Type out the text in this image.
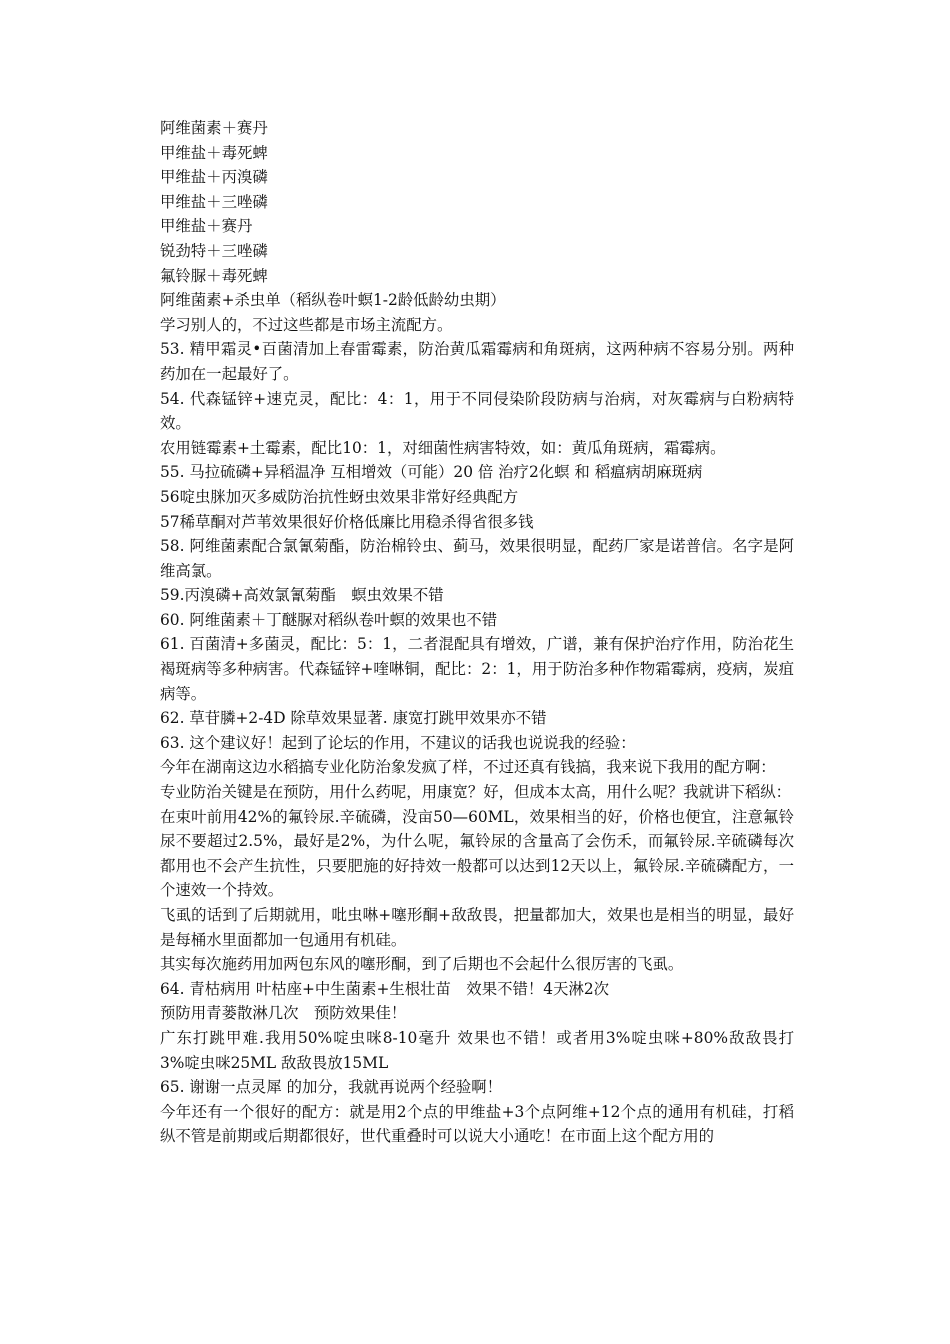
阿维菌素＋赛丹

甲维盐＋毒死蜱

甲维盐＋丙溴磷

甲维盐＋三唑磷

甲维盐＋赛丹

锐劲特＋三唑磷

氟铃脲＋毒死蜱

阿维菌素+杀虫单（稻纵卷叶螟1-2龄低龄幼虫期）

学习别人的，不过这些都是市场主流配方。

53. 精甲霜灵•百菌清加上春雷霉素，防治黄瓜霜霉病和角斑病，这两种病不容易分别。两种药加在一起最好了。

54. 代森锰锌+速克灵，配比：4：1，用于不同侵染阶段防病与治病，对灰霉病与白粉病特效。

农用链霉素+土霉素，配比10：1，对细菌性病害特效，如：黄瓜角斑病，霜霉病。

55. 马拉硫磷+异稻温净 互相增效（可能）20 倍 治疗2化螟 和 稻瘟病胡麻斑病

56啶虫脒加灭多威防治抗性蚜虫效果非常好经典配方

57稀草酮对芦苇效果很好价格低廉比用稳杀得省很多钱

58. 阿维菌素配合氯氰菊酯，防治棉铃虫、蓟马，效果很明显，配药厂家是诺普信。名字是阿维高氯。

59.丙溴磷+高效氯氰菊酯　螟虫效果不错

60. 阿维菌素＋丁醚脲对稻纵卷叶螟的效果也不错

61. 百菌清+多菌灵，配比：5：1，二者混配具有增效，广谱，兼有保护治疗作用，防治花生褐斑病等多种病害。代森锰锌+喹啉铜，配比：2：1，用于防治多种作物霜霉病，疫病，炭疽病等。

62. 草苷膦+2-4D 除草效果显著. 康宽打跳甲效果亦不错

63. 这个建议好！起到了论坛的作用，不建议的话我也说说我的经验：

今年在湖南这边水稻搞专业化防治象发疯了样，不过还真有钱搞，我来说下我用的配方啊：

专业防治关键是在预防，用什么药呢，用康宽？好，但成本太高，用什么呢？我就讲下稻纵：

在束叶前用42%的氟铃尿.辛硫磷，没亩50—60ML，效果相当的好，价格也便宜，注意氟铃尿不要超过2.5%，最好是2%，为什么呢，氟铃尿的含量高了会伤禾，而氟铃尿.辛硫磷每次都用也不会产生抗性，只要肥施的好持效一般都可以达到12天以上，氟铃尿.辛硫磷配方，一个速效一个持效。

飞虱的话到了后期就用，吡虫啉+噻形酮+敌敌畏，把量都加大，效果也是相当的明显，最好是每桶水里面都加一包通用有机硅。

其实每次施药用加两包东风的噻形酮，到了后期也不会起什么很厉害的飞虱。

64. 青枯病用 叶枯座+中生菌素+生根壮苗　效果不错！4天淋2次

预防用青蒌散淋几次　预防效果佳！

广东打跳甲难.我用50%啶虫咪8-10毫升 效果也不错！或者用3%啶虫咪+80%敌敌畏打　3%啶虫咪25ML 敌敌畏放15ML

65. 谢谢一点灵犀 的加分，我就再说两个经验啊！

今年还有一个很好的配方：就是用2个点的甲维盐+3个点阿维+12个点的通用有机硅，打稻纵不管是前期或后期都很好，世代重叠时可以说大小通吃！在市面上这个配方用的
